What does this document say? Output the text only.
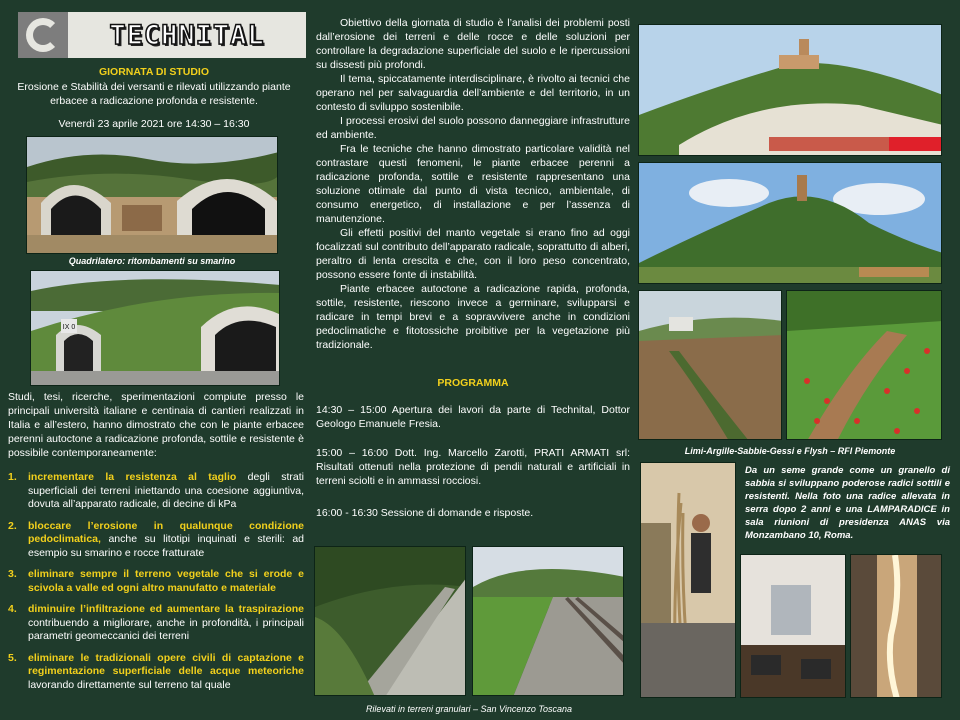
TECHNITAL
GIORNATA DI STUDIO
Erosione e Stabilità dei versanti e rilevati utilizzando piante erbacee a radicazione profonda e resistente.
Venerdì 23 aprile 2021 ore 14:30 – 16:30
Quadrilatero: ritombamenti su smarino
IX 0
Studi, tesi, ricerche, sperimentazioni compiute presso le principali università italiane e centinaia di cantieri realizzati in Italia e all’estero, hanno dimostrato che con le piante erbacee perenni autoctone a radicazione profonda, sottile e resistente è possibile contemporaneamente:
1.	incrementare la resistenza al taglio degli strati superficiali dei terreni iniettando una coesione aggiuntiva, dovuta all’apparato radicale, di decine di kPa
2.	bloccare l’erosione in qualunque condizione pedoclimatica, anche su litotipi inquinati e sterili: ad esempio su smarino e rocce fratturate
3.	eliminare sempre il terreno vegetale che si erode e scivola a valle ed ogni altro manufatto e materiale
4.	diminuire l’infiltrazione ed aumentare la traspirazione contribuendo a migliorare, anche in profondità, i principali parametri geomeccanici dei terreni
5.	eliminare le tradizionali opere civili di captazione e regimentazione superficiale delle acque meteoriche lavorando direttamente sul terreno tal quale

Obiettivo della giornata di studio è l’analisi dei problemi posti dall’erosione dei terreni e delle rocce e delle soluzioni per controllare la degradazione superficiale del suolo e le ripercussioni su dissesti più profondi.

Il tema, spiccatamente interdisciplinare, è rivolto ai tecnici che operano nel per salvaguardia dell’ambiente e del territorio, in un contesto di sviluppo sostenibile.

I processi erosivi del suolo possono danneggiare infrastrutture ed ambiente.

Fra le tecniche che hanno dimostrato particolare validità nel contrastare questi fenomeni, le piante erbacee perenni a radicazione profonda, sottile e resistente rappresentano una soluzione ottimale dal punto di vista tecnico, ambientale, di consumo energetico, di installazione e per l’assenza di manutenzione.

Gli effetti positivi del manto vegetale si erano fino ad oggi focalizzati sul contributo dell’apparato radicale, soprattutto di alberi, peraltro di lenta crescita e che, con il loro peso concentrato, possono essere fonte di instabilità.

Piante erbacee autoctone a radicazione rapida, profonda, sottile, resistente, riescono invece a germinare, svilupparsi e radicare in tempi brevi e a sopravvivere anche in condizioni pedoclimatiche e fitotossiche proibitive per la vegetazione più tradizionale.

PROGRAMMA
14:30 – 15:00 Apertura dei lavori da parte di Technital, Dottor Geologo Emanuele Fresia.
15:00 – 16:00 Dott. Ing. Marcello Zarotti, PRATI ARMATI srl: Risultati ottenuti nella protezione di pendii naturali e artificiali in terreni sciolti e in ammassi rocciosi.
16:00 - 16:30 Sessione di domande e risposte.
Rilevati in terreni granulari – San Vincenzo Toscana
Limi-Argille-Sabbie-Gessi e Flysh – RFI Piemonte
Da un seme grande come un granello di sabbia si sviluppano poderose radici sottili e resistenti. Nella foto una radice allevata in serra dopo 2 anni e una LAMPARADICE in sala riunioni di presidenza ANAS via Monzambano 10, Roma.
